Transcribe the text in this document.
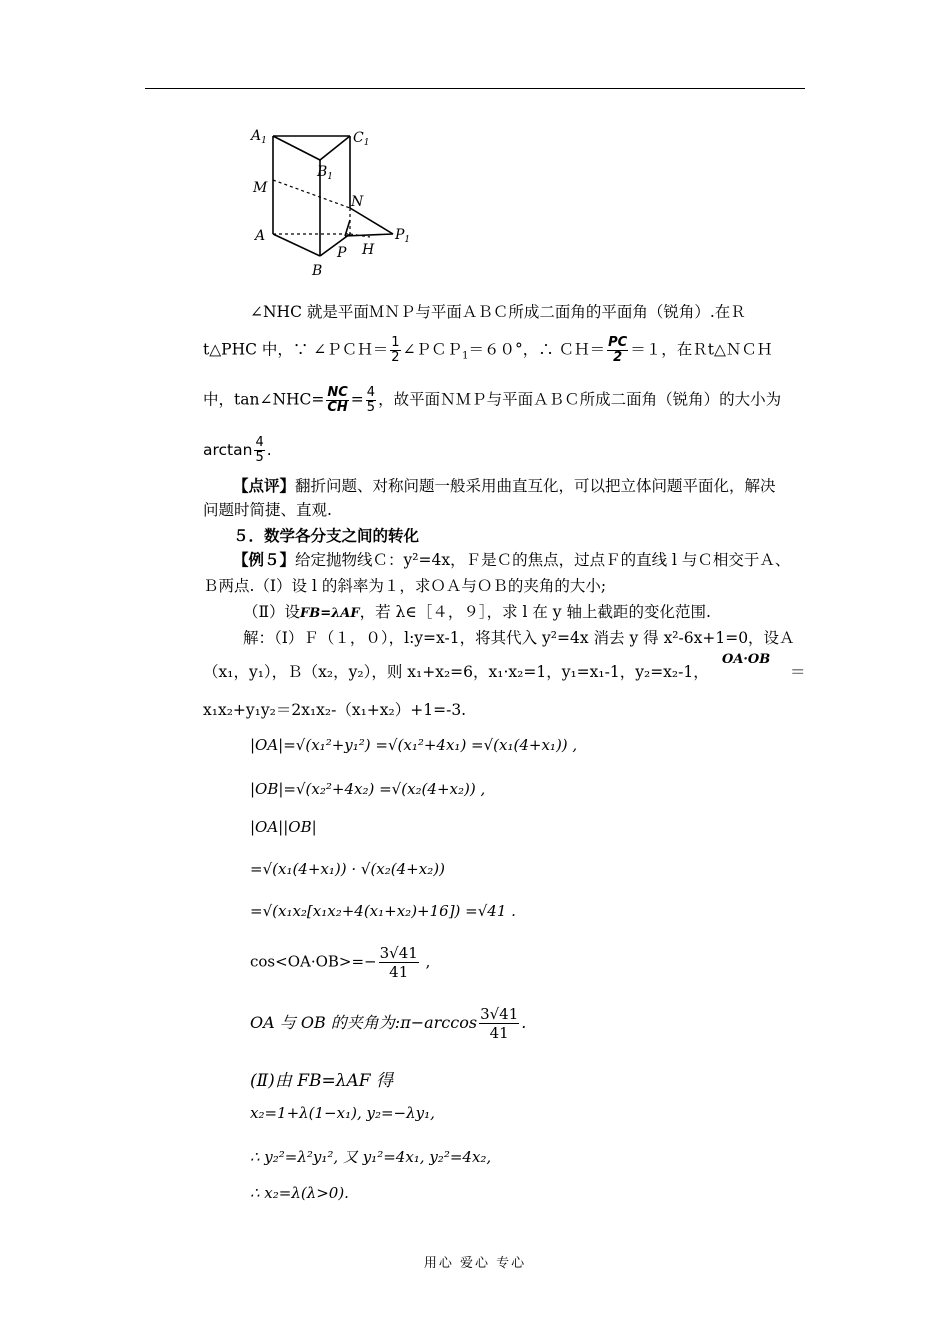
$A_1$	$C_1$
$B_1$
M
N
A	$P_1$
P H
B
∠NHC 就是平面ＭＮＰ与平面ＡＢＣ所成二面角的平面角（锐角）.在Ｒ
t△PHC 中，∵ ∠ＰＣＨ＝ $\frac{1}{2}$ ∠ＰＣＰ$_1$＝６０°，∴ ＣＨ＝ $\frac{PC}{2} =1$，在Ｒt△ＮＣＨ
中，tan∠NHC= $\frac{NC}{CH} = \frac{4}{5}$ ，故平面ＮＭＰ与平面ＡＢＣ所成二面角（锐角）的大小为
$\arctan \frac{4}{5}$ .
【点评】翻折问题、对称问题一般采用曲直互化，可以把立体问题平面化，解决
问题时简捷、直观.
５．数学各分支之间的转化
【例５】给定抛物线Ｃ：y²=4x，Ｆ是Ｃ的焦点，过点Ｆ的直线 l 与Ｃ相交于Ａ、
Ｂ两点.（Ⅰ）设 l 的斜率为１，求ＯＡ与ＯＢ的夹角的大小;
（Ⅱ）设FB=λAF，若 λ∈［４，９］，求 l 在 y 轴上截距的变化范围.
解：（Ⅰ）Ｆ（１，０），l:y=x-1，将其代入 y²=4x 消去 y 得 x²-6x+1=0，设Ａ
（x₁，y₁），Ｂ（x₂，y₂），则 x₁+x₂=6，x₁·x₂=1，y₁=x₁-1，y₂=x₂-1，
OA·OB
＝
x₁x₂+y₁y₂＝2x₁x₂-（x₁+x₂）+1=-3.
|OA|=√(x₁²+y₁²) =√(x₁²+4x₁) =√(x₁(4+x₁)) ,
|OB|=√(x₂²+4x₂) =√(x₂(4+x₂)) ,
|OA||OB|
=√(x₁(4+x₁)) · √(x₂(4+x₂))
=√(x₁x₂[x₁x₂+4(x₁+x₂)+16]) =√41 .
$\cos<OA\cdot OB>=- \frac{3√41}{41}$ ,
OA 与 OB 的夹角为:π−arccos $\frac{3√41}{41}$ .
(Ⅱ)由 FB=λAF 得
x₂=1+λ(1−x₁), y₂=−λy₁,
∴ y₂²=λ²y₁², 又 y₁²=4x₁, y₂²=4x₂,
∴ x₂=λ(λ>0).
用心 爱心 专心
